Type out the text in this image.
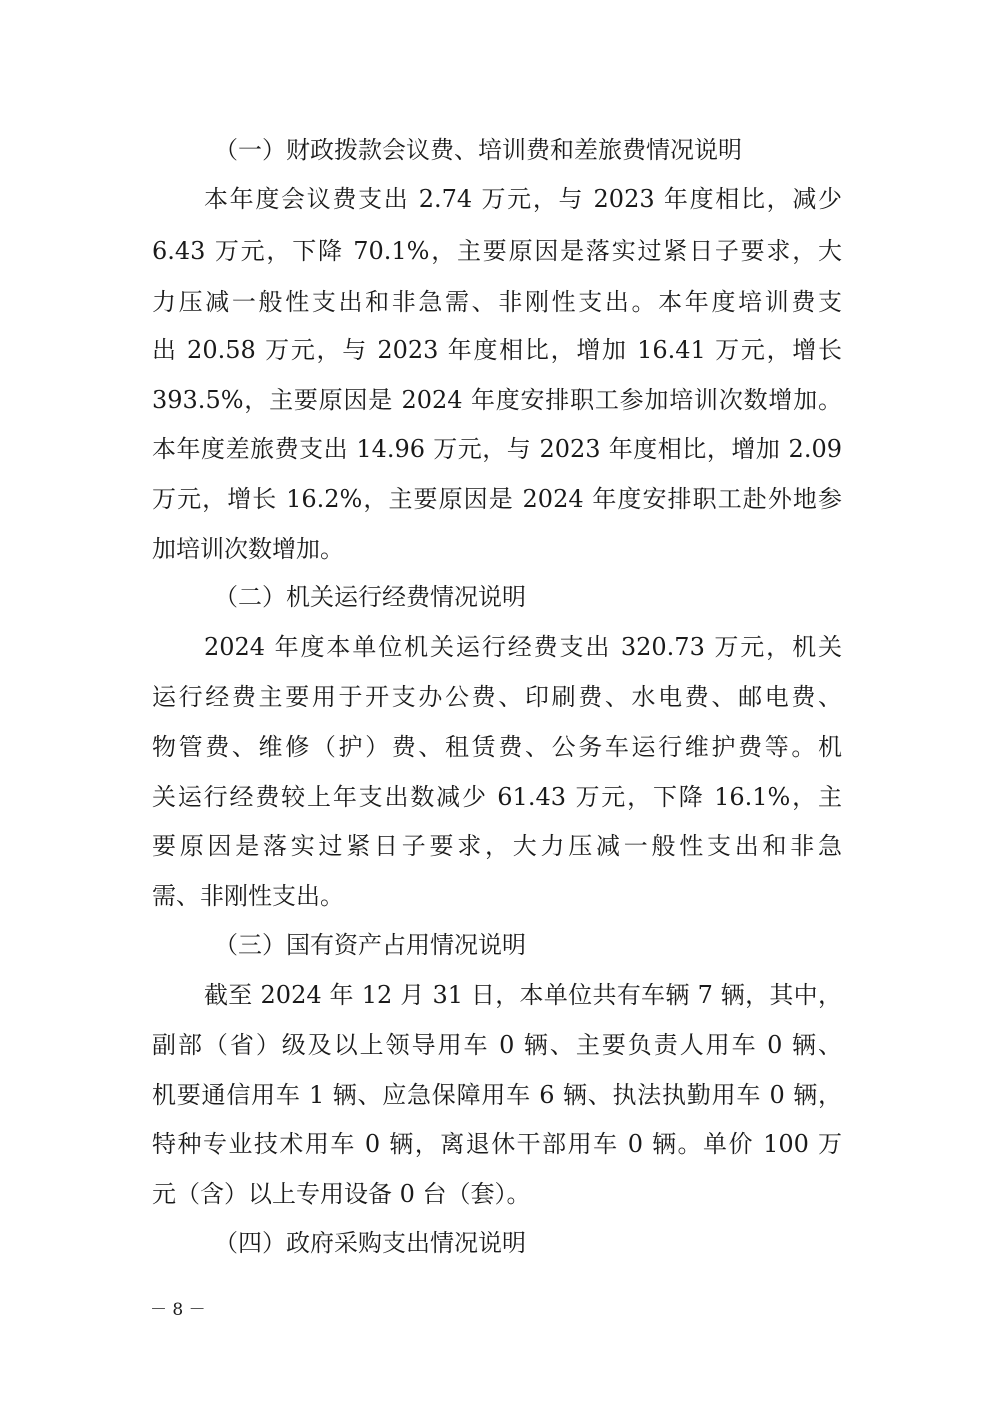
（一）财政拨款会议费、培训费和差旅费情况说明
本年度会议费支出 2.74 万元，与 2023 年度相比，减少
6.43 万元，下降 70.1%，主要原因是落实过紧日子要求，大
力压减一般性支出和非急需、非刚性支出。本年度培训费支
出 20.58 万元，与 2023 年度相比，增加 16.41 万元，增长
393.5%，主要原因是 2024 年度安排职工参加培训次数增加。
本年度差旅费支出 14.96 万元，与 2023 年度相比，增加 2.09
万元，增长 16.2%，主要原因是 2024 年度安排职工赴外地参
加培训次数增加。
（二）机关运行经费情况说明
2024 年度本单位机关运行经费支出 320.73 万元，机关
运行经费主要用于开支办公费、印刷费、水电费、邮电费、
物管费、维修（护）费、租赁费、公务车运行维护费等。机
关运行经费较上年支出数减少 61.43 万元，下降 16.1%，主
要原因是落实过紧日子要求，大力压减一般性支出和非急
需、非刚性支出。
（三）国有资产占用情况说明
截至 2024 年 12 月 31 日，本单位共有车辆 7 辆，其中，
副部（省）级及以上领导用车 0 辆、主要负责人用车 0 辆、
机要通信用车 1 辆、应急保障用车 6 辆、执法执勤用车 0 辆，
特种专业技术用车 0 辆，离退休干部用车 0 辆。单价 100 万
元（含）以上专用设备 0 台（套）。
（四）政府采购支出情况说明
－ 8 －
